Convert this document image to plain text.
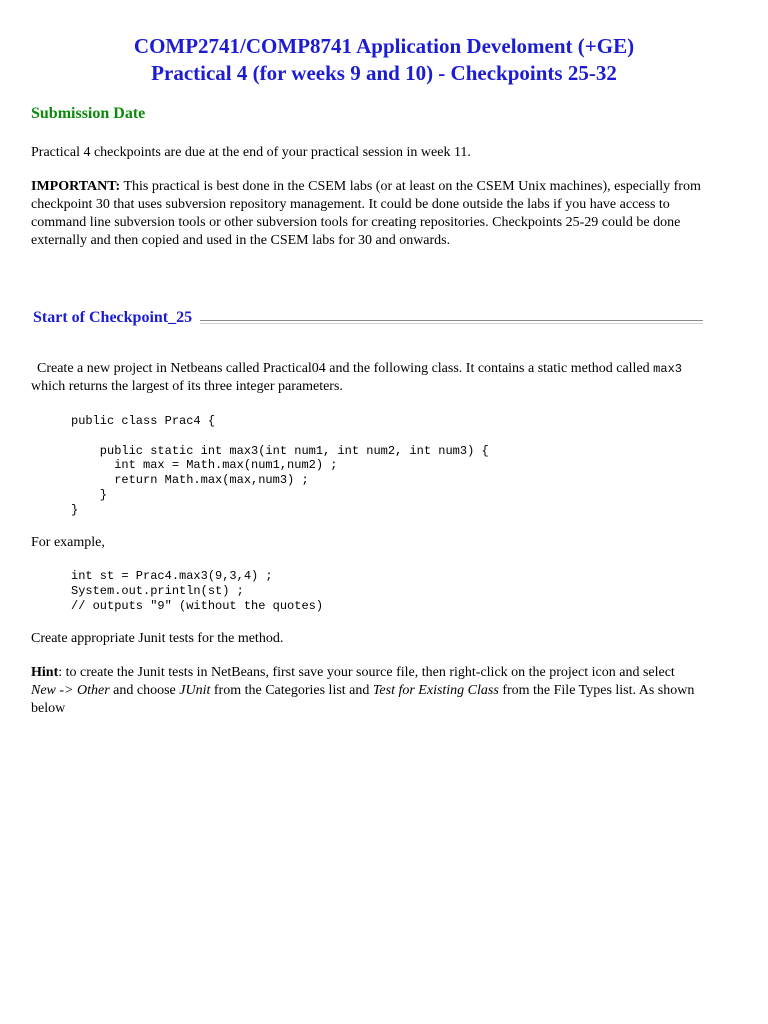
COMP2741/COMP8741 Application Develoment (+GE)
Practical 4 (for weeks 9 and 10) - Checkpoints 25-32
Submission Date
Practical 4 checkpoints are due at the end of your practical session in week 11.
IMPORTANT: This practical is best done in the CSEM labs (or at least on the CSEM Unix machines), especially from checkpoint 30 that uses subversion repository management. It could be done outside the labs if you have access to command line subversion tools or other subversion tools for creating repositories. Checkpoints 25-29 could be done externally and then copied and used in the CSEM labs for 30 and onwards.
Start of Checkpoint_25
Create a new project in Netbeans called Practical04 and the following class. It contains a static method called max3 which returns the largest of its three integer parameters.
public class Prac4 {

public static int max3(int num1, int num2, int num3) {
int max = Math.max(num1,num2) ;
return Math.max(max,num3) ;
}
}
For example,
int st = Prac4.max3(9,3,4) ;
System.out.println(st) ;
// outputs "9" (without the quotes)
Create appropriate Junit tests for the method.
Hint: to create the Junit tests in NetBeans, first save your source file, then right-click on the project icon and select New -> Other and choose JUnit from the Categories list and Test for Existing Class from the File Types list. As shown below
